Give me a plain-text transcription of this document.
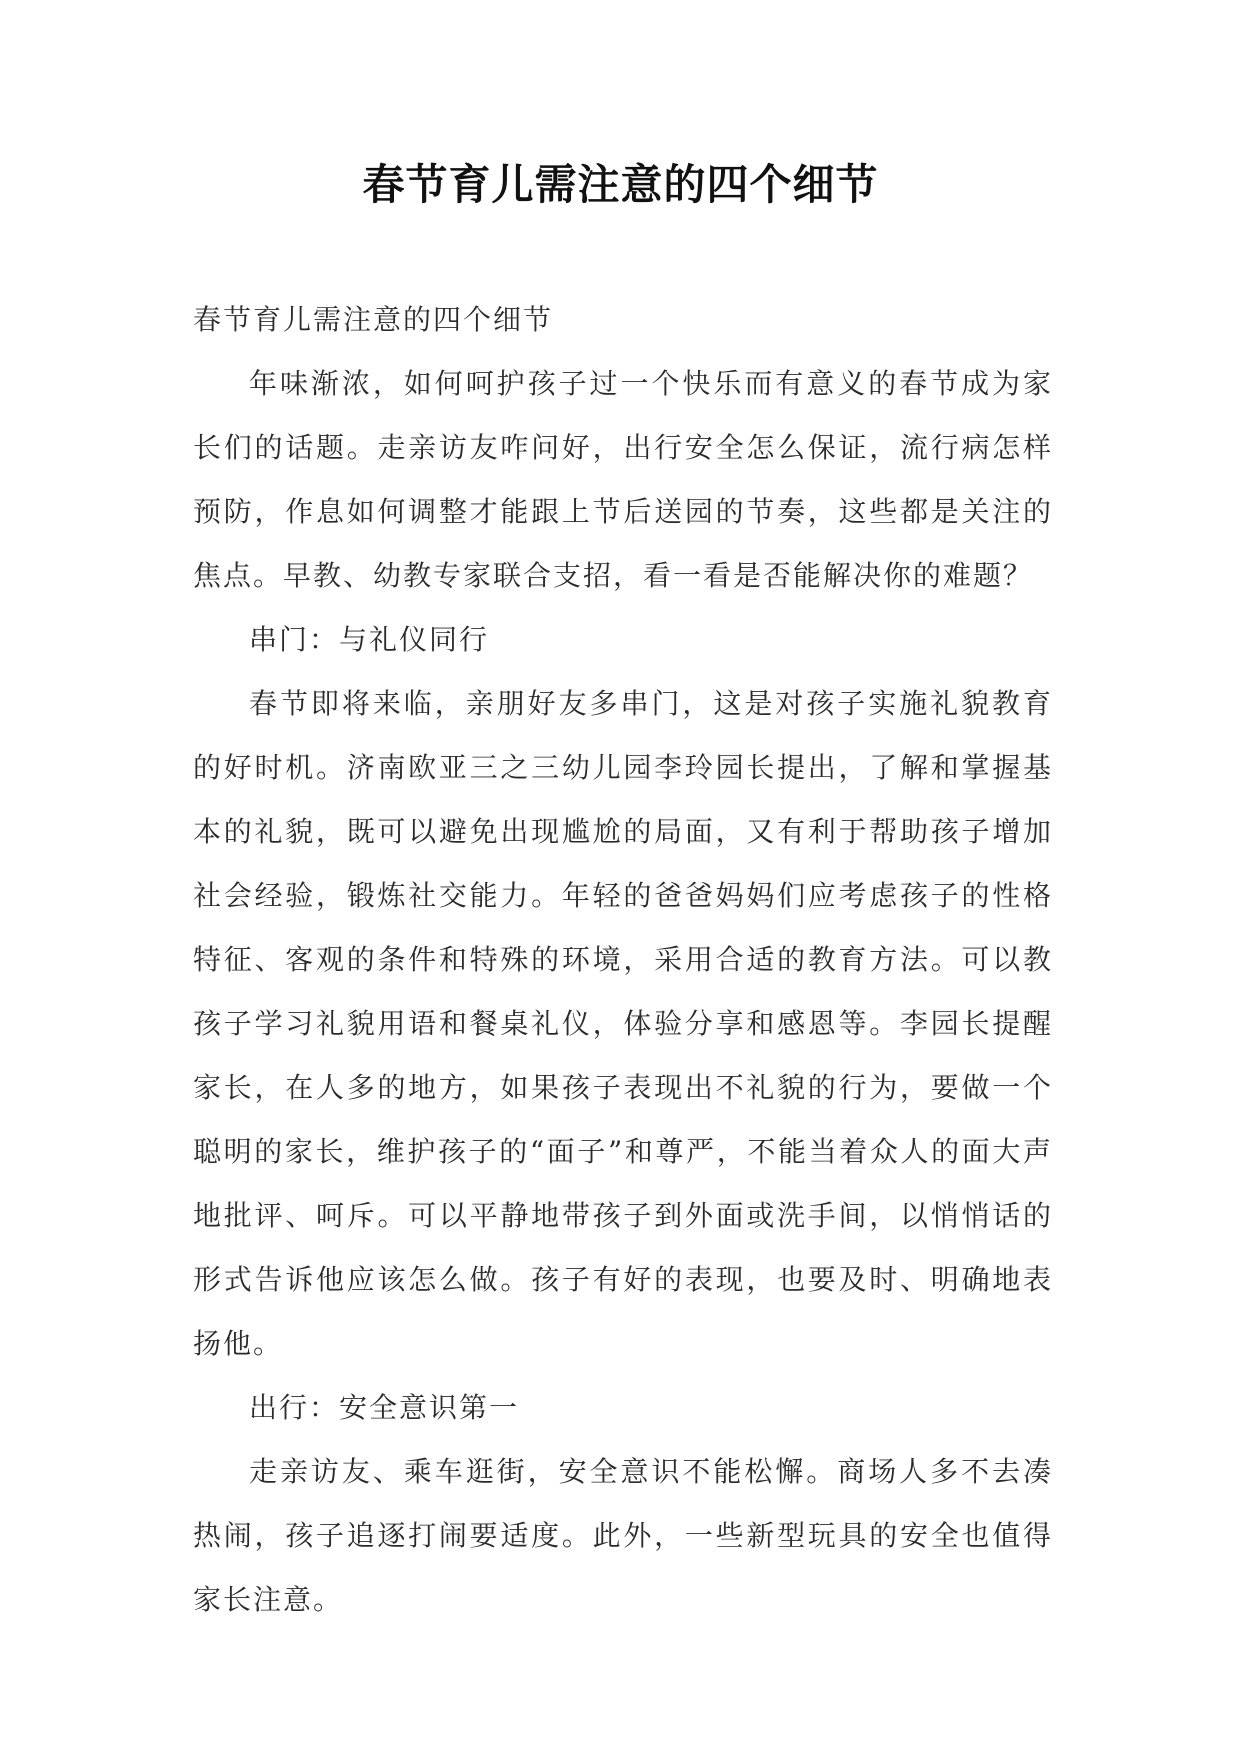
春节育儿需注意的四个细节

春节育儿需注意的四个细节

年味渐浓，如何呵护孩子过一个快乐而有意义的春节成为家长们的话题。走亲访友咋问好，出行安全怎么保证，流行病怎样预防，作息如何调整才能跟上节后送园的节奏，这些都是关注的焦点。早教、幼教专家联合支招，看一看是否能解决你的难题？

串门：与礼仪同行

春节即将来临，亲朋好友多串门，这是对孩子实施礼貌教育的好时机。济南欧亚三之三幼儿园李玲园长提出，了解和掌握基本的礼貌，既可以避免出现尴尬的局面，又有利于帮助孩子增加社会经验，锻炼社交能力。年轻的爸爸妈妈们应考虑孩子的性格特征、客观的条件和特殊的环境，采用合适的教育方法。可以教孩子学习礼貌用语和餐桌礼仪，体验分享和感恩等。李园长提醒家长，在人多的地方，如果孩子表现出不礼貌的行为，要做一个聪明的家长，维护孩子的“面子”和尊严，不能当着众人的面大声地批评、呵斥。可以平静地带孩子到外面或洗手间，以悄悄话的形式告诉他应该怎么做。孩子有好的表现，也要及时、明确地表扬他。

出行：安全意识第一

走亲访友、乘车逛街，安全意识不能松懈。商场人多不去凑热闹，孩子追逐打闹要适度。此外，一些新型玩具的安全也值得家长注意。
